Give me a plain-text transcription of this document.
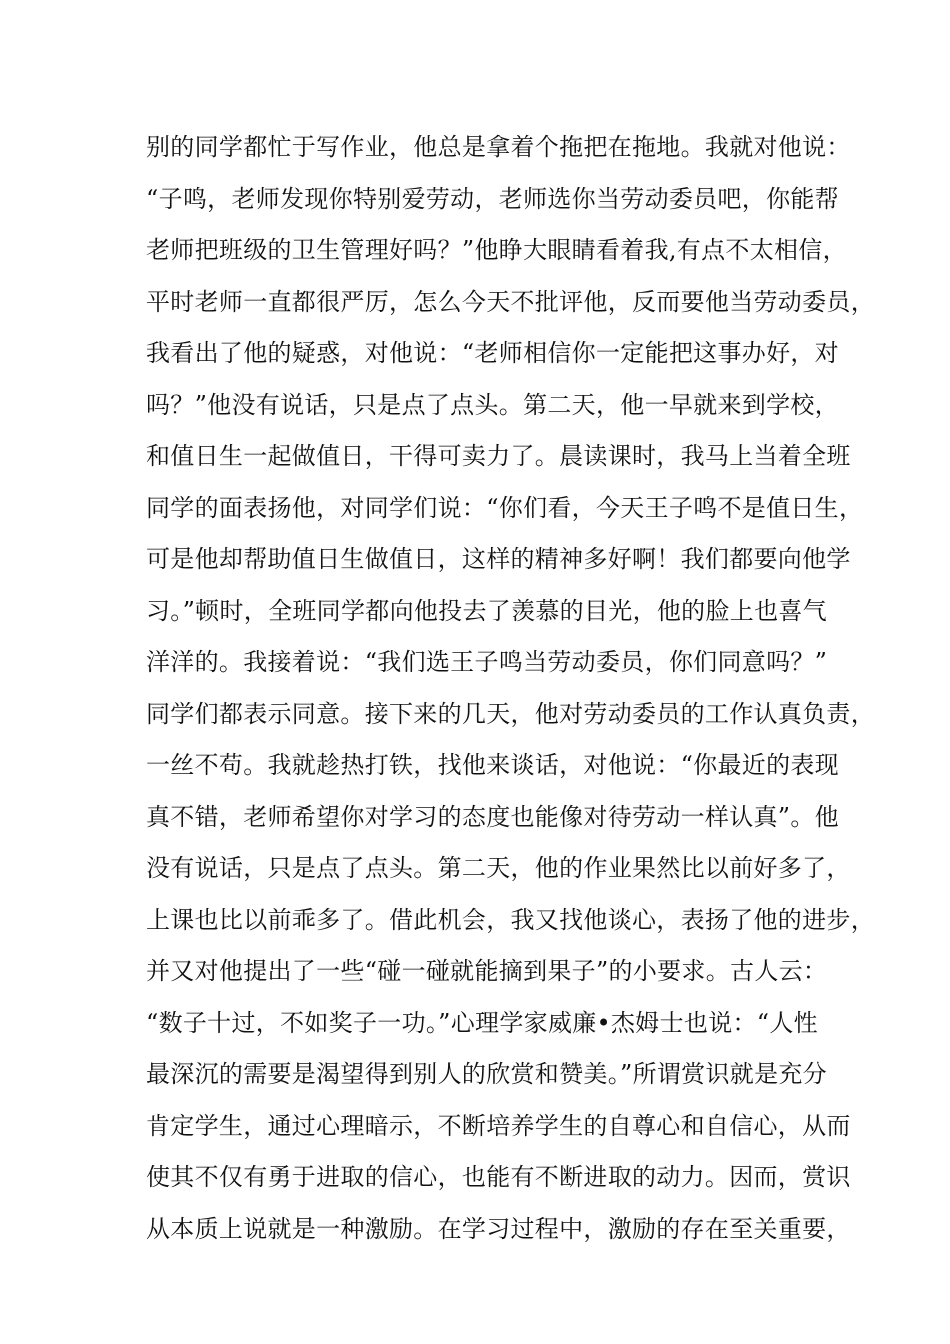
别的同学都忙于写作业，他总是拿着个拖把在拖地。我就对他说：
“子鸣，老师发现你特别爱劳动，老师选你当劳动委员吧，你能帮
老师把班级的卫生管理好吗？”他睁大眼睛看着我,有点不太相信，
平时老师一直都很严厉，怎么今天不批评他，反而要他当劳动委员，
我看出了他的疑惑，对他说：“老师相信你一定能把这事办好，对
吗？”他没有说话，只是点了点头。第二天，他一早就来到学校，
和值日生一起做值日，干得可卖力了。晨读课时，我马上当着全班
同学的面表扬他，对同学们说：“你们看，今天王子鸣不是值日生，
可是他却帮助值日生做值日，这样的精神多好啊！我们都要向他学
习。”顿时，全班同学都向他投去了羡慕的目光，他的脸上也喜气
洋洋的。我接着说：“我们选王子鸣当劳动委员，你们同意吗？”
同学们都表示同意。接下来的几天，他对劳动委员的工作认真负责，
一丝不苟。我就趁热打铁，找他来谈话，对他说：“你最近的表现
真不错，老师希望你对学习的态度也能像对待劳动一样认真”。他
没有说话，只是点了点头。第二天，他的作业果然比以前好多了，
上课也比以前乖多了。借此机会，我又找他谈心，表扬了他的进步，
并又对他提出了一些“碰一碰就能摘到果子”的小要求。古人云：
“数子十过，不如奖子一功。”心理学家威廉•杰姆士也说：“人性
最深沉的需要是渴望得到别人的欣赏和赞美。”所谓赏识就是充分
肯定学生，通过心理暗示，不断培养学生的自尊心和自信心，从而
使其不仅有勇于进取的信心，也能有不断进取的动力。因而，赏识
从本质上说就是一种激励。在学习过程中，激励的存在至关重要，
